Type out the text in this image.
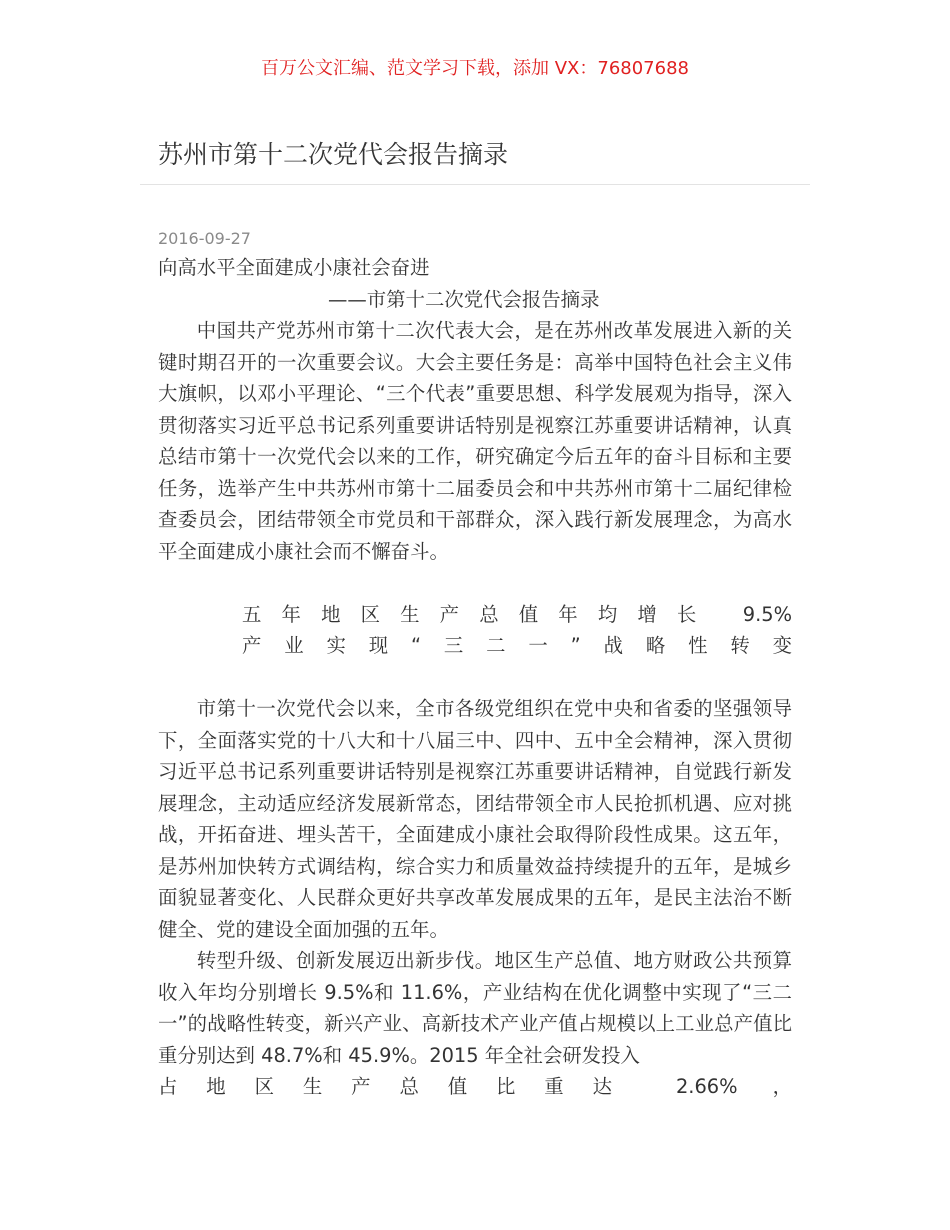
百万公文汇编、范文学习下载，添加 VX：76807688
苏州市第十二次党代会报告摘录
2016-09-27

向高水平全面建成小康社会奋进

——市第十二次党代会报告摘录

中国共产党苏州市第十二次代表大会，是在苏州改革发展进入新的关键时期召开的一次重要会议。大会主要任务是：高举中国特色社会主义伟大旗帜，以邓小平理论、“三个代表”重要思想、科学发展观为指导，深入贯彻落实习近平总书记系列重要讲话特别是视察江苏重要讲话精神，认真总结市第十一次党代会以来的工作，研究确定今后五年的奋斗目标和主要任务，选举产生中共苏州市第十二届委员会和中共苏州市第十二届纪律检查委员会，团结带领全市党员和干部群众，深入践行新发展理念，为高水平全面建成小康社会而不懈奋斗。

五年地区生产总值年均增长 9.5%

产业实现“三二一”战略性转变

市第十一次党代会以来，全市各级党组织在党中央和省委的坚强领导下，全面落实党的十八大和十八届三中、四中、五中全会精神，深入贯彻习近平总书记系列重要讲话特别是视察江苏重要讲话精神，自觉践行新发展理念，主动适应经济发展新常态，团结带领全市人民抢抓机遇、应对挑战，开拓奋进、埋头苦干，全面建成小康社会取得阶段性成果。这五年，是苏州加快转方式调结构，综合实力和质量效益持续提升的五年，是城乡面貌显著变化、人民群众更好共享改革发展成果的五年，是民主法治不断健全、党的建设全面加强的五年。

转型升级、创新发展迈出新步伐。地区生产总值、地方财政公共预算收入年均分别增长 9.5%和 11.6%，产业结构在优化调整中实现了“三二一”的战略性转变，新兴产业、高新技术产业产值占规模以上工业总产值比重分别达到 48.7%和 45.9%。2015 年全社会研发投入

占地区生产总值比重达 2.66% ，
